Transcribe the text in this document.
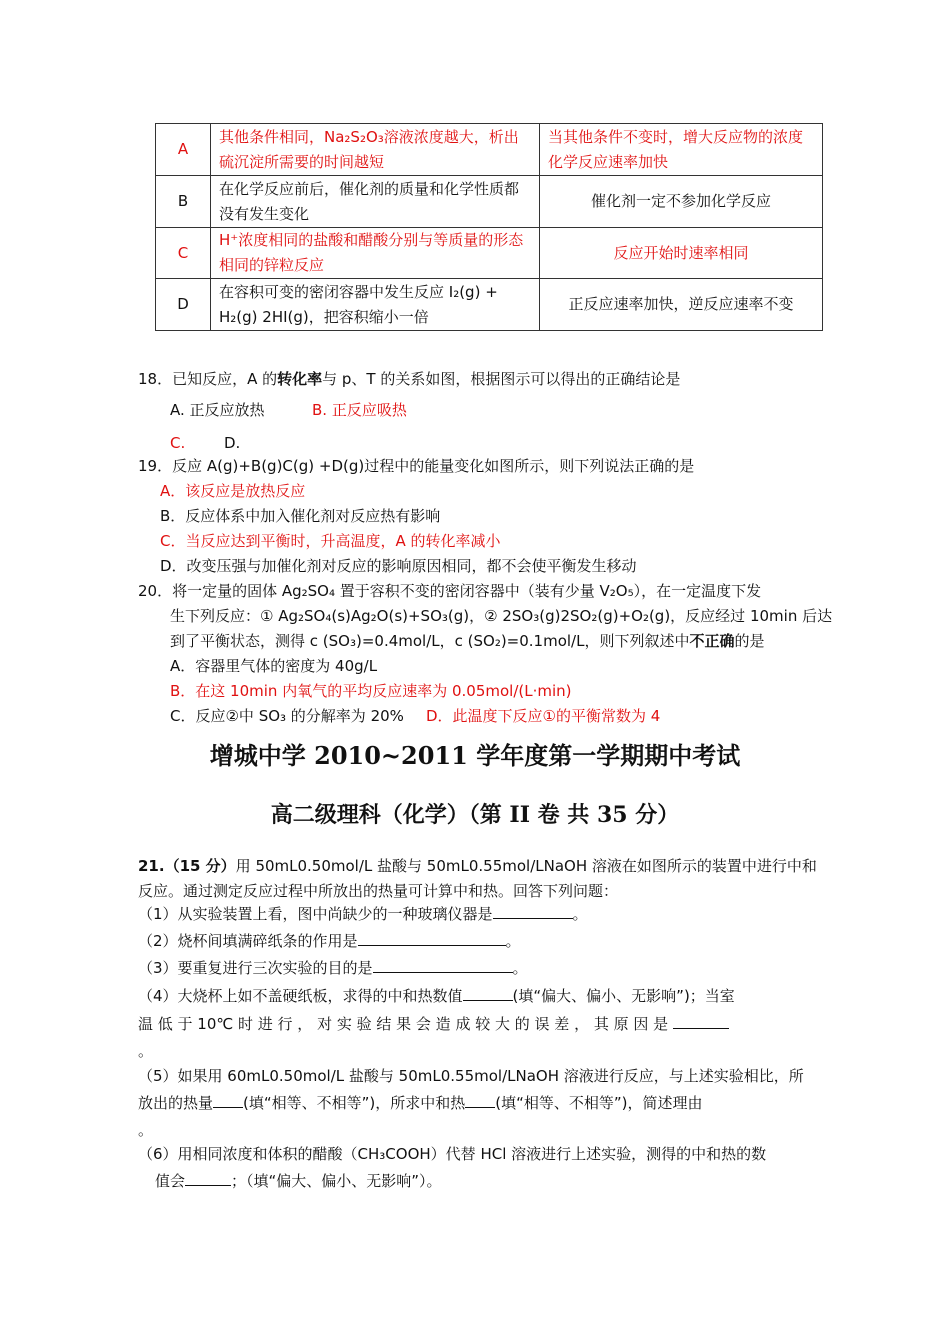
A	其他条件相同，Na₂S₂O₃溶液浓度越大，析出硫沉淀所需要的时间越短	当其他条件不变时，增大反应物的浓度化学反应速率加快
B	在化学反应前后，催化剂的质量和化学性质都没有发生变化	催化剂一定不参加化学反应
C	H⁺浓度相同的盐酸和醋酸分别与等质量的形态相同的锌粒反应	反应开始时速率相同
D	在容积可变的密闭容器中发生反应 I₂(g) + H₂(g) 2HI(g)，把容积缩小一倍	正反应速率加快，逆反应速率不变
18．已知反应，A 的转化率与 p、T 的关系如图，根据图示可以得出的正确结论是
A. 正反应放热	B. 正反应吸热
C.	D.
19．反应 A(g)+B(g)C(g) +D(g)过程中的能量变化如图所示，则下列说法正确的是
A．该反应是放热反应
B．反应体系中加入催化剂对反应热有影响
C．当反应达到平衡时，升高温度，A 的转化率减小
D．改变压强与加催化剂对反应的影响原因相同，都不会使平衡发生移动
20．将一定量的固体 Ag₂SO₄ 置于容积不变的密闭容器中（装有少量 V₂O₅），在一定温度下发
生下列反应：① Ag₂SO₄(s)Ag₂O(s)+SO₃(g)，② 2SO₃(g)2SO₂(g)+O₂(g)，反应经过 10min 后达
到了平衡状态，测得 c (SO₃)=0.4mol/L，c (SO₂)=0.1mol/L，则下列叙述中不正确的是
A．容器里气体的密度为 40g/L
B．在这 10min 内氧气的平均反应速率为 0.05mol/(L·min)
C．反应②中 SO₃ 的分解率为 20% D．此温度下反应①的平衡常数为 4
增城中学 2010~2011 学年度第一学期期中考试
高二级理科（化学）（第 II 卷 共 35 分）
21.（15 分）用 50mL0.50mol/L 盐酸与 50mL0.55mol/LNaOH 溶液在如图所示的装置中进行中和
反应。通过测定反应过程中所放出的热量可计算中和热。回答下列问题：
（1）从实验装置上看，图中尚缺少的一种玻璃仪器是	。
（2）烧杯间填满碎纸条的作用是	。
（3）要重复进行三次实验的目的是	。
（4）大烧杯上如不盖硬纸板，求得的中和热数值	(填“偏大、偏小、无影响”)；当室
温 低 于 10℃ 时 进 行 ， 对 实 验 结 果 会 造 成 较 大 的 误 差 ， 其 原 因 是
。
（5）如果用 60mL0.50mol/L 盐酸与 50mL0.55mol/LNaOH 溶液进行反应，与上述实验相比，所
放出的热量 (填“相等、不相等”)，所求中和热 (填“相等、不相等”)，简述理由
。
（6）用相同浓度和体积的醋酸（CH₃COOH）代替 HCl 溶液进行上述实验，测得的中和热的数
值会	；（填“偏大、偏小、无影响”）。
